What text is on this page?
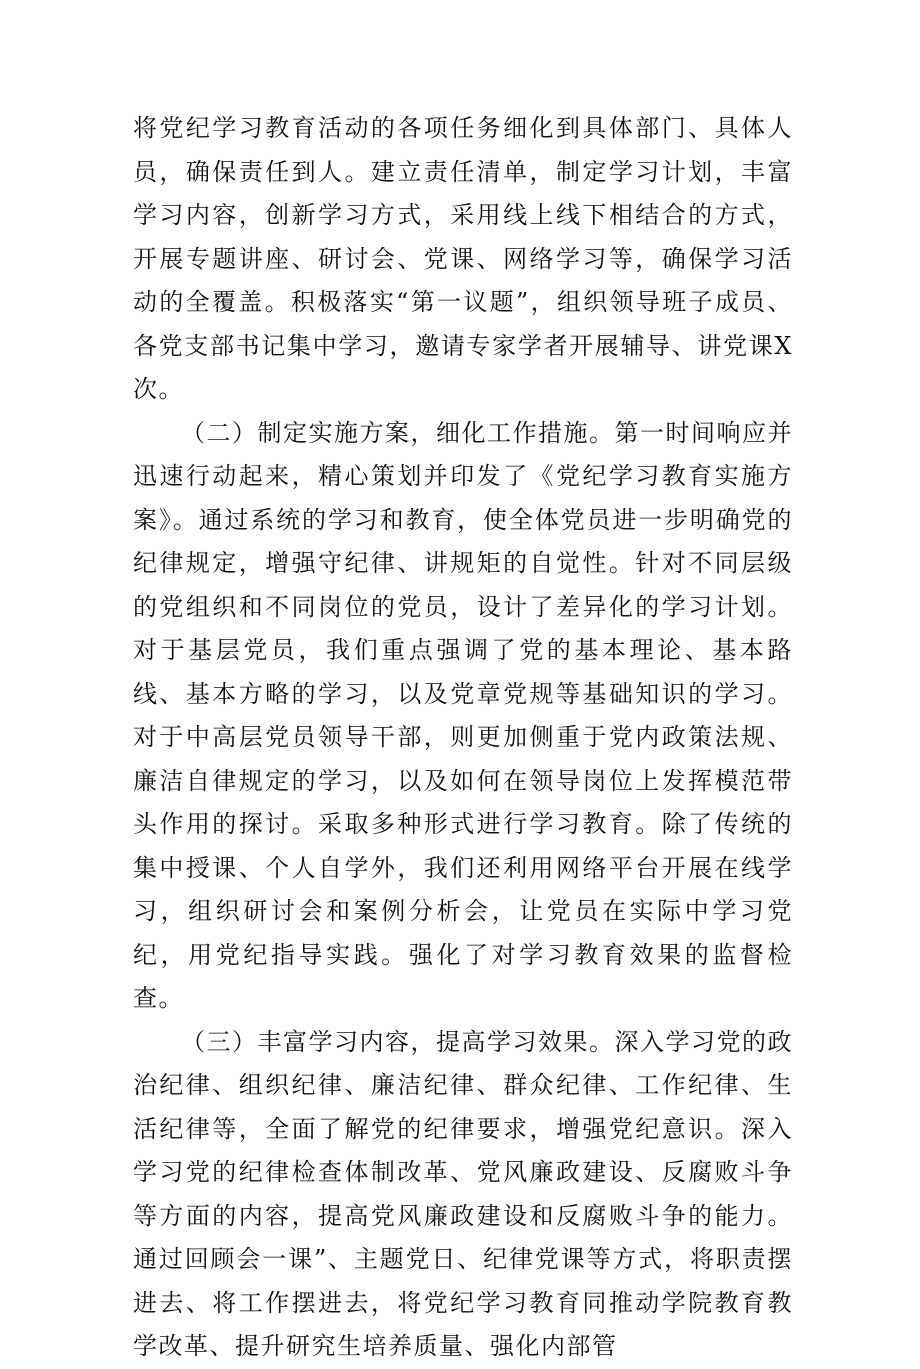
将党纪学习教育活动的各项任务细化到具体部门、具体人员，确保责任到人。建立责任清单，制定学习计划，丰富学习内容，创新学习方式，采用线上线下相结合的方式，开展专题讲座、研讨会、党课、网络学习等，确保学习活动的全覆盖。积极落实“第一议题”，组织领导班子成员、各党支部书记集中学习，邀请专家学者开展辅导、讲党课X次。

（二）制定实施方案，细化工作措施。第一时间响应并迅速行动起来，精心策划并印发了《党纪学习教育实施方案》。通过系统的学习和教育，使全体党员进一步明确党的纪律规定，增强守纪律、讲规矩的自觉性。针对不同层级的党组织和不同岗位的党员，设计了差异化的学习计划。对于基层党员，我们重点强调了党的基本理论、基本路线、基本方略的学习，以及党章党规等基础知识的学习。对于中高层党员领导干部，则更加侧重于党内政策法规、廉洁自律规定的学习，以及如何在领导岗位上发挥模范带头作用的探讨。采取多种形式进行学习教育。除了传统的集中授课、个人自学外，我们还利用网络平台开展在线学习，组织研讨会和案例分析会，让党员在实际中学习党纪，用党纪指导实践。强化了对学习教育效果的监督检查。

（三）丰富学习内容，提高学习效果。深入学习党的政治纪律、组织纪律、廉洁纪律、群众纪律、工作纪律、生活纪律等，全面了解党的纪律要求，增强党纪意识。深入学习党的纪律检查体制改革、党风廉政建设、反腐败斗争等方面的内容，提高党风廉政建设和反腐败斗争的能力。通过回顾会一课”、主题党日、纪律党课等方式，将职责摆进去、将工作摆进去，将党纪学习教育同推动学院教育教学改革、提升研究生培养质量、强化内部管
